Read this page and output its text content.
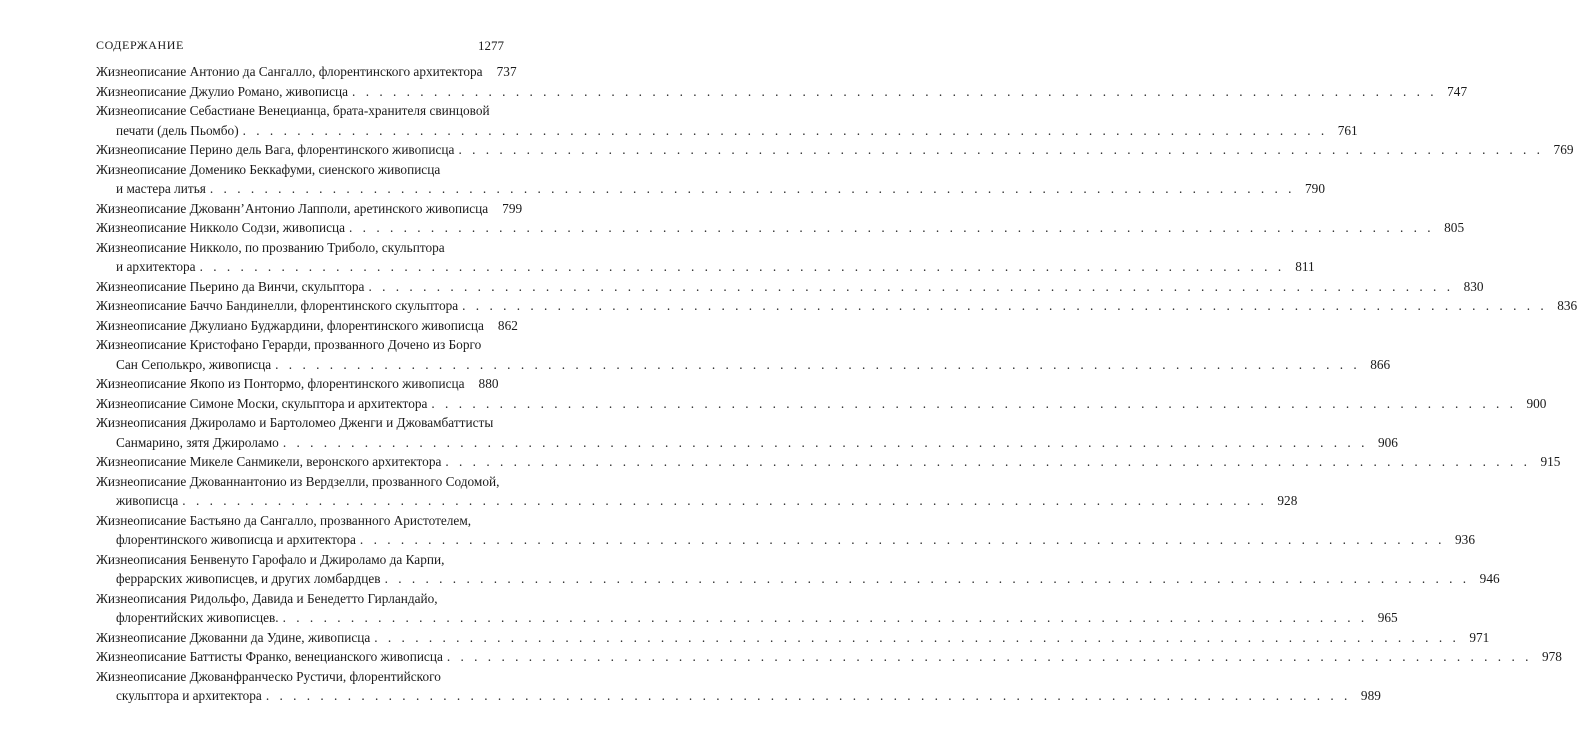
СОДЕРЖАНИЕ	1277
Жизнеописание Антонио да Сангалло, флорентинского архитектора	737
Жизнеописание Джулио Романо, живописца . . . . . . . . . . . . . . . . . . . . . . . . . . . . . . . . . . . . . . . . . . . . . . . . . . . . . . . . . . . . . . . . . . . . . . . . . . . . . . . . 747
Жизнеописание Себастиане Венецианца, брата-хранителя свинцовой
печати (дель Пьомбо) . . . . . . . . . . . . . . . . . . . . . . . . . . . . . . . . . . . . . . . . . . . . . . . . . . . . . . . . . . . . . . . . . . . . . . . . . . . . . . . . 761
Жизнеописание Перино дель Вага, флорентинского живописца . . . . . . . . . . . . . . . . . . . . . . . . . . . . . . . . . . . . . . . . . . . . . . . . . . . . . . . . . . . . . . . . . . . . . . . . . . . . . . . . 769
Жизнеописание Доменико Беккафуми, сиенского живописца
и мастера литья . . . . . . . . . . . . . . . . . . . . . . . . . . . . . . . . . . . . . . . . . . . . . . . . . . . . . . . . . . . . . . . . . . . . . . . . . . . . . . . . 790
Жизнеописание Джованн’Антонио Лапполи, аретинского живописца	799
Жизнеописание Никколо Содзи, живописца . . . . . . . . . . . . . . . . . . . . . . . . . . . . . . . . . . . . . . . . . . . . . . . . . . . . . . . . . . . . . . . . . . . . . . . . . . . . . . . . 805
Жизнеописание Никколо, по прозванию Триболо, скульптора
и архитектора . . . . . . . . . . . . . . . . . . . . . . . . . . . . . . . . . . . . . . . . . . . . . . . . . . . . . . . . . . . . . . . . . . . . . . . . . . . . . . . . 811
Жизнеописание Пьерино да Винчи, скульптора . . . . . . . . . . . . . . . . . . . . . . . . . . . . . . . . . . . . . . . . . . . . . . . . . . . . . . . . . . . . . . . . . . . . . . . . . . . . . . . . 830
Жизнеописание Баччо Бандинелли, флорентинского скульптора . . . . . . . . . . . . . . . . . . . . . . . . . . . . . . . . . . . . . . . . . . . . . . . . . . . . . . . . . . . . . . . . . . . . . . . . . . . . . . . . 836
Жизнеописание Джулиано Буджардини, флорентинского живописца	862
Жизнеописание Кристофано Герарди, прозванного Дочено из Борго
Сан Сеполькро, живописца . . . . . . . . . . . . . . . . . . . . . . . . . . . . . . . . . . . . . . . . . . . . . . . . . . . . . . . . . . . . . . . . . . . . . . . . . . . . . . . . 866
Жизнеописание Якопо из Понтормо, флорентинского живописца	880
Жизнеописание Симоне Моски, скульптора и архитектора . . . . . . . . . . . . . . . . . . . . . . . . . . . . . . . . . . . . . . . . . . . . . . . . . . . . . . . . . . . . . . . . . . . . . . . . . . . . . . . . 900
Жизнеописания Джироламо и Бартоломео Дженги и Джовамбаттисты
Санмарино, зятя Джироламо . . . . . . . . . . . . . . . . . . . . . . . . . . . . . . . . . . . . . . . . . . . . . . . . . . . . . . . . . . . . . . . . . . . . . . . . . . . . . . . . 906
Жизнеописание Микеле Санмикели, веронского архитектора . . . . . . . . . . . . . . . . . . . . . . . . . . . . . . . . . . . . . . . . . . . . . . . . . . . . . . . . . . . . . . . . . . . . . . . . . . . . . . . . 915
Жизнеописание Джованнантонио из Вердзелли, прозванного Содомой,
живописца . . . . . . . . . . . . . . . . . . . . . . . . . . . . . . . . . . . . . . . . . . . . . . . . . . . . . . . . . . . . . . . . . . . . . . . . . . . . . . . . 928
Жизнеописание Бастьяно да Сангалло, прозванного Аристотелем,
флорентинского живописца и архитектора . . . . . . . . . . . . . . . . . . . . . . . . . . . . . . . . . . . . . . . . . . . . . . . . . . . . . . . . . . . . . . . . . . . . . . . . . . . . . . . . 936
Жизнеописания Бенвенуто Гарофало и Джироламо да Карпи,
феррарских живописцев, и других ломбардцев . . . . . . . . . . . . . . . . . . . . . . . . . . . . . . . . . . . . . . . . . . . . . . . . . . . . . . . . . . . . . . . . . . . . . . . . . . . . . . . . 946
Жизнеописания Ридольфо, Давида и Бенедетто Гирландайо,
флорентийских живописцев. . . . . . . . . . . . . . . . . . . . . . . . . . . . . . . . . . . . . . . . . . . . . . . . . . . . . . . . . . . . . . . . . . . . . . . . . . . . . . . . . 965
Жизнеописание Джованни да Удине, живописца . . . . . . . . . . . . . . . . . . . . . . . . . . . . . . . . . . . . . . . . . . . . . . . . . . . . . . . . . . . . . . . . . . . . . . . . . . . . . . . . 971
Жизнеописание Баттисты Франко, венецианского живописца . . . . . . . . . . . . . . . . . . . . . . . . . . . . . . . . . . . . . . . . . . . . . . . . . . . . . . . . . . . . . . . . . . . . . . . . . . . . . . . . 978
Жизнеописание Джованфранческо Рустичи, флорентийского
скульптора и архитектора . . . . . . . . . . . . . . . . . . . . . . . . . . . . . . . . . . . . . . . . . . . . . . . . . . . . . . . . . . . . . . . . . . . . . . . . . . . . . . . . 989
